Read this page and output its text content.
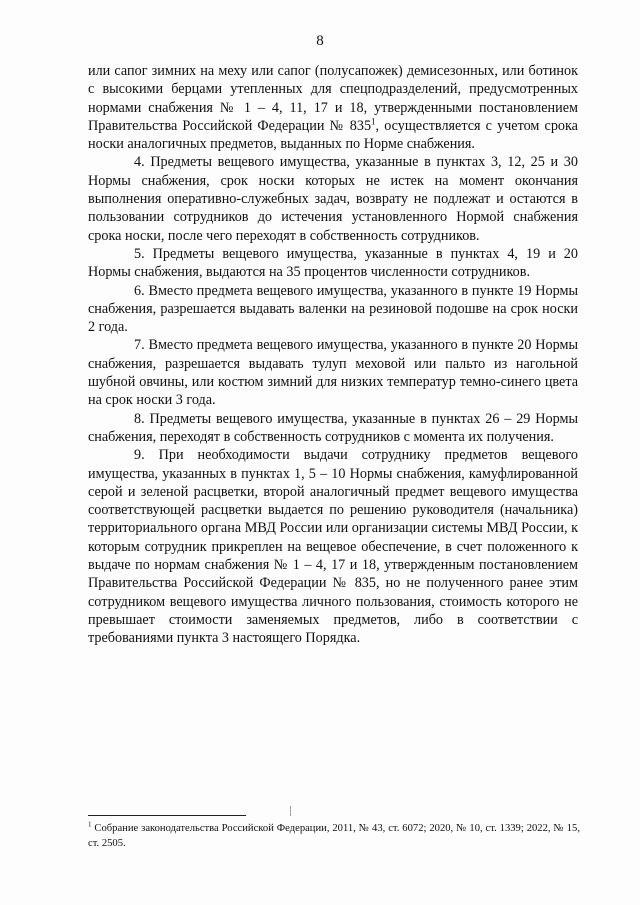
8

или сапог зимних на меху или сапог (полусапожек) демисезонных, или ботинок с высокими берцами утепленных для спецподразделений, предусмотренных нормами снабжения № 1 – 4, 11, 17 и 18, утвержденными постановлением Правительства Российской Федерации № 835$^1$, осуществляется с учетом срока носки аналогичных предметов, выданных по Норме снабжения.

4. Предметы вещевого имущества, указанные в пунктах 3, 12, 25 и 30 Нормы снабжения, срок носки которых не истек на момент окончания выполнения оперативно-служебных задач, возврату не подлежат и остаются в пользовании сотрудников до истечения установленного Нормой снабжения срока носки, после чего переходят в собственность сотрудников.

5. Предметы вещевого имущества, указанные в пунктах 4, 19 и 20 Нормы снабжения, выдаются на 35 процентов численности сотрудников.

6. Вместо предмета вещевого имущества, указанного в пункте 19 Нормы снабжения, разрешается выдавать валенки на резиновой подошве на срок носки 2 года.

7. Вместо предмета вещевого имущества, указанного в пункте 20 Нормы снабжения, разрешается выдавать тулуп меховой или пальто из нагольной шубной овчины, или костюм зимний для низких температур темно-синего цвета на срок носки 3 года.

8. Предметы вещевого имущества, указанные в пунктах 26 – 29 Нормы снабжения, переходят в собственность сотрудников с момента их получения.

9. При необходимости выдачи сотруднику предметов вещевого имущества, указанных в пунктах 1, 5 – 10 Нормы снабжения, камуфлированной серой и зеленой расцветки, второй аналогичный предмет вещевого имущества соответствующей расцветки выдается по решению руководителя (начальника) территориального органа МВД России или организации системы МВД России, к которым сотрудник прикреплен на вещевое обеспечение, в счет положенного к выдаче по нормам снабжения № 1 – 4, 17 и 18, утвержденным постановлением Правительства Российской Федерации № 835, но не полученного ранее этим сотрудником вещевого имущества личного пользования, стоимость которого не превышает стоимости заменяемых предметов, либо в соответствии с требованиями пункта 3 настоящего Порядка.

$^1$ Собрание законодательства Российской Федерации, 2011, № 43, ст. 6072; 2020, № 10, ст. 1339; 2022, № 15, ст. 2505.
